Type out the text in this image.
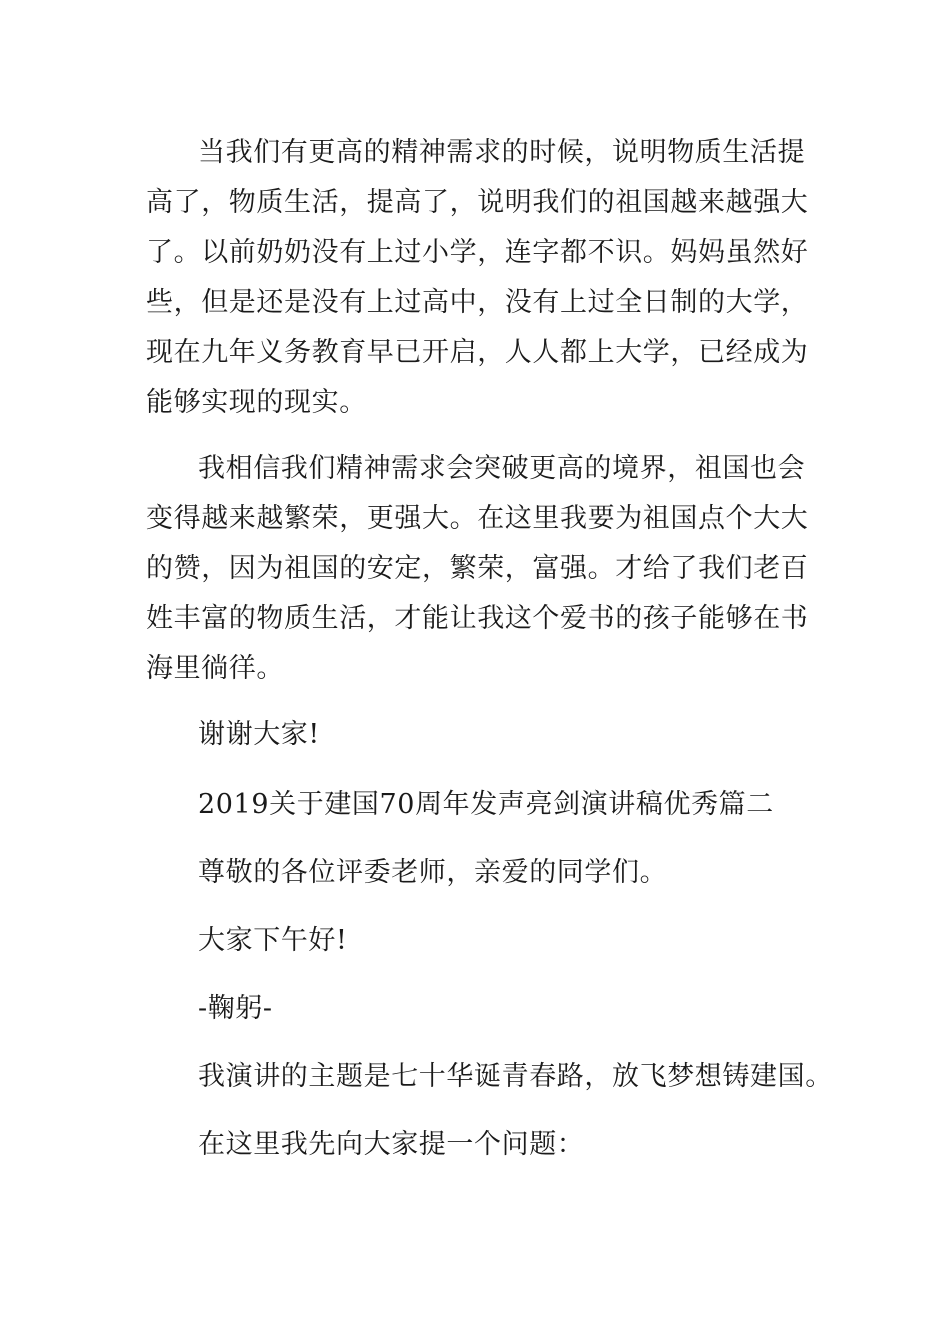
当我们有更高的精神需求的时候，说明物质生活提
高了，物质生活，提高了，说明我们的祖国越来越强大
了。以前奶奶没有上过小学，连字都不识。妈妈虽然好
些，但是还是没有上过高中，没有上过全日制的大学，
现在九年义务教育早已开启，人人都上大学，已经成为
能够实现的现实。
我相信我们精神需求会突破更高的境界，祖国也会
变得越来越繁荣，更强大。在这里我要为祖国点个大大
的赞，因为祖国的安定，繁荣，富强。才给了我们老百
姓丰富的物质生活，才能让我这个爱书的孩子能够在书
海里徜徉。
谢谢大家!
2019关于建国70周年发声亮剑演讲稿优秀篇二
尊敬的各位评委老师，亲爱的同学们。
大家下午好!
-鞠躬-
我演讲的主题是七十华诞青春路，放飞梦想铸建国。
在这里我先向大家提一个问题：
